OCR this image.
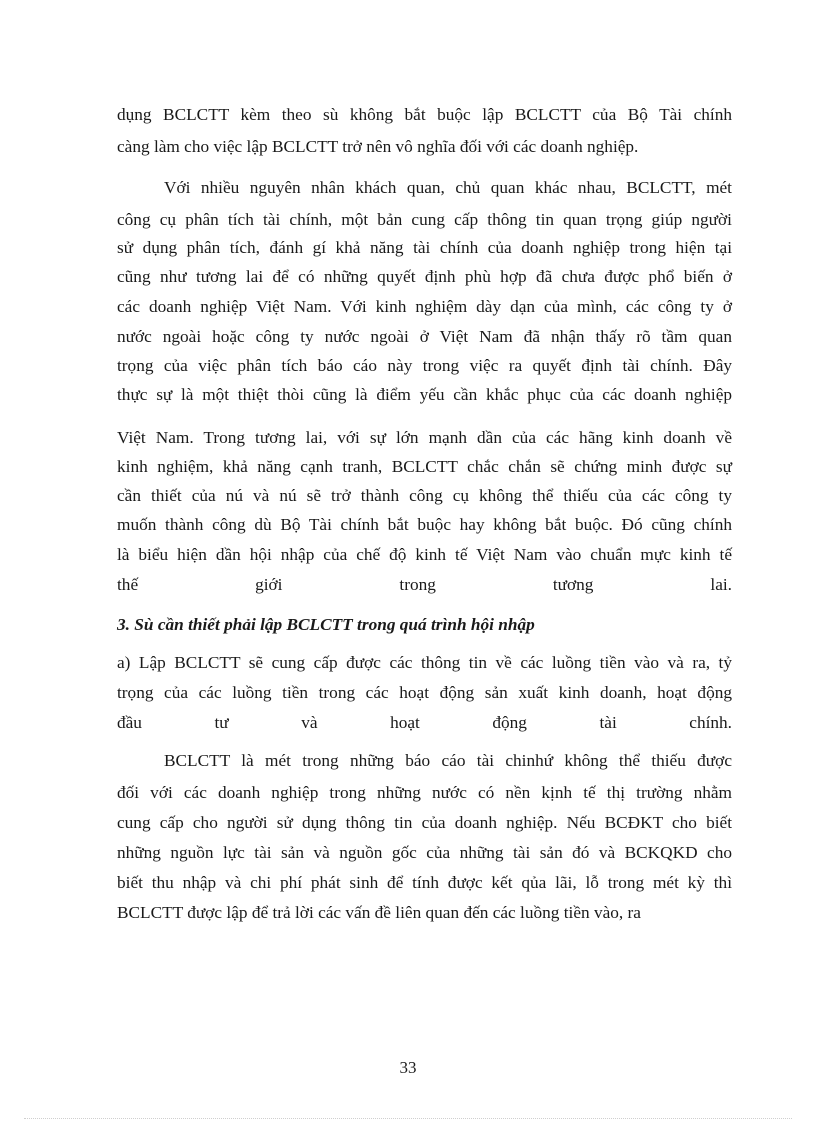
dụng BCLCTT kèm theo sù không bắt buộc lập BCLCTT của Bộ Tài chính
càng làm cho việc lập BCLCTT trở nên vô nghĩa đối với các doanh nghiệp.
Với nhiều nguyên nhân khách quan, chủ quan khác nhau, BCLCTT, mét
công cụ phân tích tài chính, một bản cung cấp thông tin quan trọng giúp người
sử dụng phân tích, đánh gí khả năng tài chính của doanh nghiệp trong hiện tại
cũng như tương lai để có những quyết định phù hợp đã chưa được phổ biến ở
các doanh nghiệp Việt Nam. Với kinh nghiệm dày dạn của mình, các công ty ở
nước ngoài hoặc công ty nước ngoài ở Việt Nam đã nhận thấy rõ tầm quan
trọng của việc phân tích báo cáo này trong việc ra quyết định tài chính. Đây
thực sự là một thiệt thòi cũng là điểm yếu cần khắc phục của các doanh nghiệp
Việt Nam. Trong tương lai, với sự lớn mạnh dần của các hãng kinh doanh về
kinh nghiệm, khả năng cạnh tranh, BCLCTT chắc chắn sẽ chứng minh được sự
cần thiết của nú và nú sẽ trở thành công cụ không thể thiếu của các công ty
muốn thành công dù Bộ Tài chính bắt buộc hay không bắt buộc. Đó cũng chính
là biểu hiện dần hội nhập của chế độ kinh tế Việt Nam vào chuẩn mực kinh tế
thế giới trong tương lai.
3. Sù cần thiết phải lập BCLCTT trong quá trình hội nhập
a) Lập BCLCTT sẽ cung cấp được các thông tin về các luồng tiền vào và ra, tỷ
trọng của các luồng tiền trong các hoạt động sản xuất kinh doanh, hoạt động
đầu tư và hoạt động tài chính.
BCLCTT là mét trong những báo cáo tài chinhứ không thể thiếu được
đối với các doanh nghiệp trong những nước có nền kịnh tế thị trường nhằm
cung cấp cho người sử dụng thông tin của doanh nghiệp. Nếu BCĐKT cho biết
những nguồn lực tài sản và nguồn gốc của những tài sản đó và BCKQKD cho
biết thu nhập và chi phí phát sinh để tính được kết qủa lãi, lỗ trong mét kỳ thì
BCLCTT được lập để trả lời các vấn đề liên quan đến các luồng tiền vào, ra
33
